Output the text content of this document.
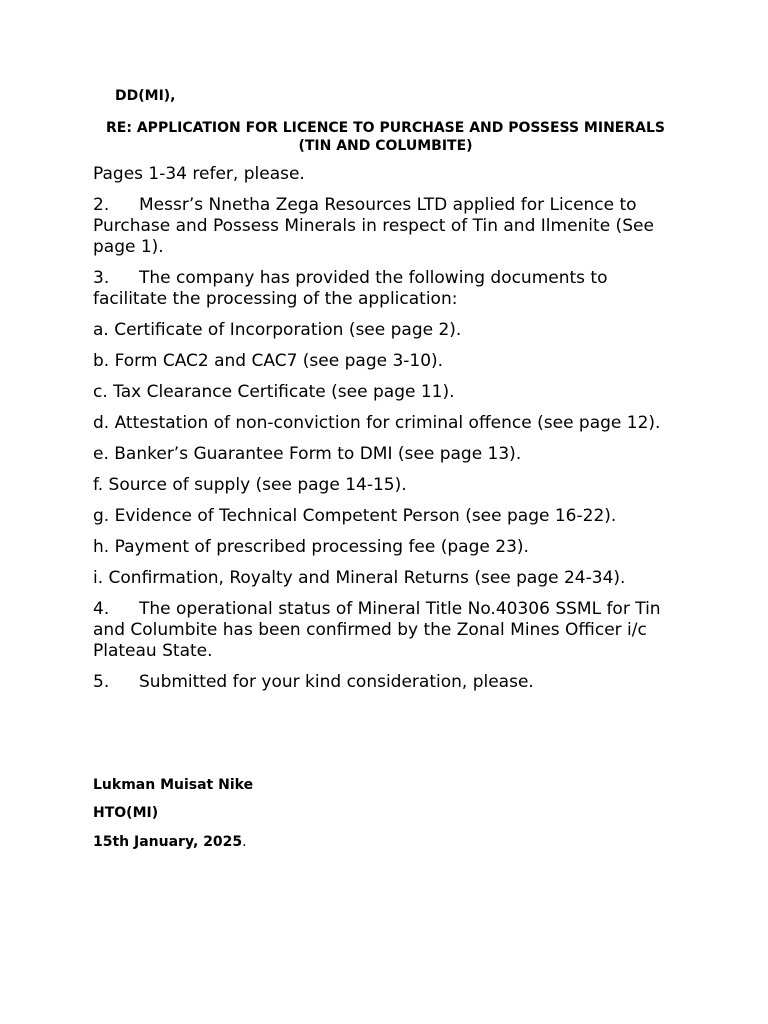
DD(MI),
RE: APPLICATION FOR LICENCE TO PURCHASE AND POSSESS MINERALS (TIN AND COLUMBITE)

Pages 1-34 refer, please.

2. Messr’s Nnetha Zega Resources LTD applied for Licence to Purchase and Possess Minerals in respect of Tin and Ilmenite (See page 1).

3. The company has provided the following documents to facilitate the processing of the application:

a. Certificate of Incorporation (see page 2).

b. Form CAC2 and CAC7 (see page 3-10).

c. Tax Clearance Certificate (see page 11).

d. Attestation of non-conviction for criminal offence (see page 12).

e. Banker’s Guarantee Form to DMI (see page 13).

f. Source of supply (see page 14-15).

g. Evidence of Technical Competent Person (see page 16-22).

h. Payment of prescribed processing fee (page 23).

i. Confirmation, Royalty and Mineral Returns (see page 24-34).

4. The operational status of Mineral Title No.40306 SSML for Tin and Columbite has been confirmed by the Zonal Mines Officer i/c Plateau State.

5. Submitted for your kind consideration, please.

Lukman Muisat Nike
HTO(MI)
15th January, 2025.
